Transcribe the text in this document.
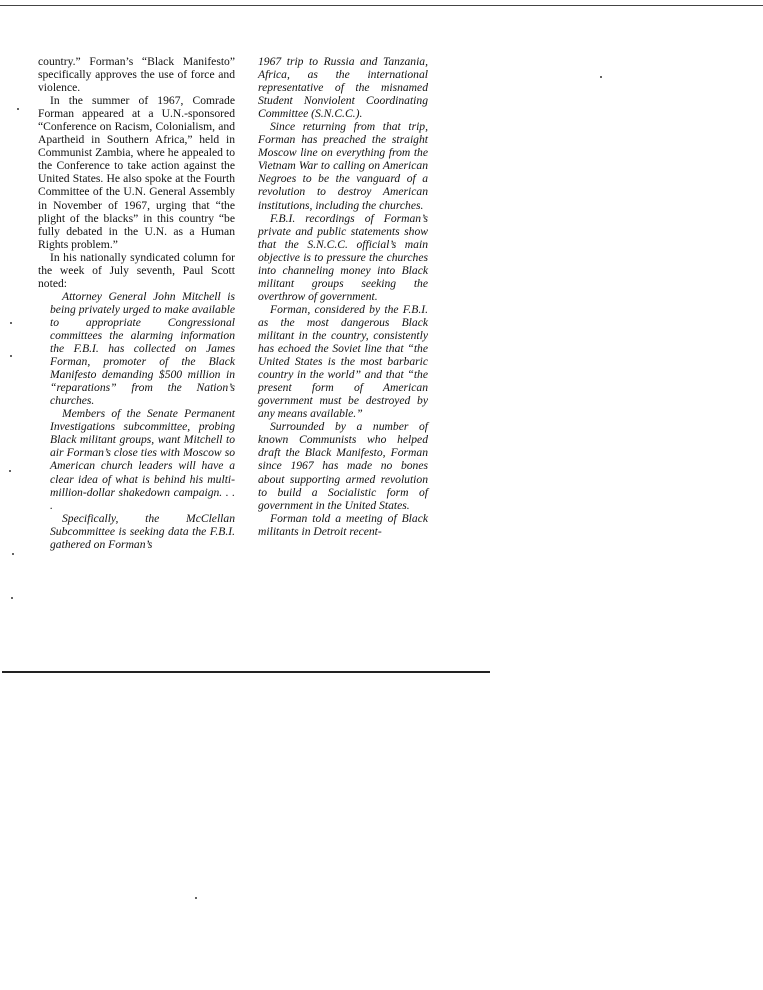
country.” Forman’s “Black Manifesto” specifically approves the use of force and violence.

In the summer of 1967, Comrade Forman appeared at a U.N.-sponsored “Conference on Racism, Colonialism, and Apartheid in Southern Africa,” held in Communist Zambia, where he appealed to the Conference to take action against the United States. He also spoke at the Fourth Committee of the U.N. General Assembly in November of 1967, urging that “the plight of the blacks” in this country “be fully debated in the U.N. as a Human Rights problem.”

In his nationally syndicated column for the week of July seventh, Paul Scott noted:

Attorney General John Mitchell is being privately urged to make available to appropriate Congressional committees the alarming information the F.B.I. has collected on James Forman, promoter of the Black Manifesto demanding $500 million in “reparations” from the Nation’s churches.

Members of the Senate Permanent Investigations subcommittee, probing Black militant groups, want Mitchell to air Forman’s close ties with Moscow so American church leaders will have a clear idea of what is behind his multi-million-dollar shakedown campaign. . . .

Specifically, the McClellan Subcommittee is seeking data the F.B.I. gathered on Forman’s

1967 trip to Russia and Tanzania, Africa, as the international representative of the misnamed Student Nonviolent Coordinating Committee (S.N.C.C.).

Since returning from that trip, Forman has preached the straight Moscow line on everything from the Vietnam War to calling on American Negroes to be the vanguard of a revolution to destroy American institutions, including the churches.

F.B.I. recordings of Forman’s private and public statements show that the S.N.C.C. official’s main objective is to pressure the churches into channeling money into Black militant groups seeking the overthrow of government.

Forman, considered by the F.B.I. as the most dangerous Black militant in the country, consistently has echoed the Soviet line that “the United States is the most barbaric country in the world” and that “the present form of American government must be destroyed by any means available.”

Surrounded by a number of known Communists who helped draft the Black Manifesto, Forman since 1967 has made no bones about supporting armed revolution to build a Socialistic form of government in the United States.

Forman told a meeting of Black militants in Detroit recent-
